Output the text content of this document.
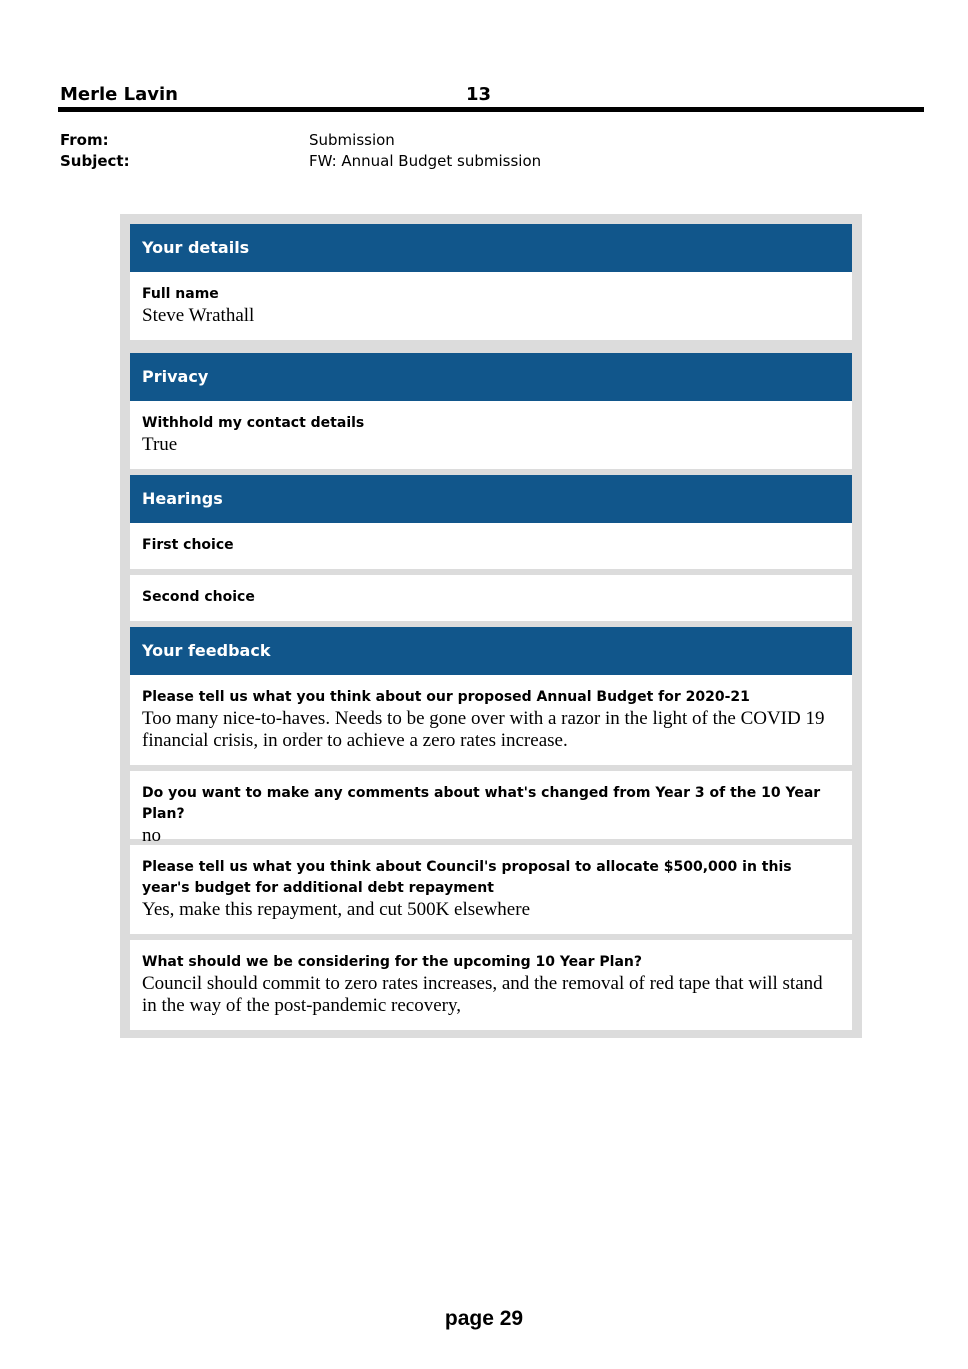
Merle Lavin	13
From:	Submission
Subject:	FW: Annual Budget submission
Your details
Full name
Steve Wrathall
Privacy
Withhold my contact details
True
Hearings
First choice
Second choice
Your feedback
Please tell us what you think about our proposed Annual Budget for 2020-21
Too many nice-to-haves. Needs to be gone over with a razor in the light of the COVID 19 financial crisis, in order to achieve a zero rates increase.
Do you want to make any comments about what's changed from Year 3 of the 10 Year Plan?
no
Please tell us what you think about Council's proposal to allocate $500,000 in this year's budget for additional debt repayment
Yes, make this repayment, and cut 500K elsewhere
What should we be considering for the upcoming 10 Year Plan?
Council should commit to zero rates increases, and the removal of red tape that will stand in the way of the post-pandemic recovery,
page 29
